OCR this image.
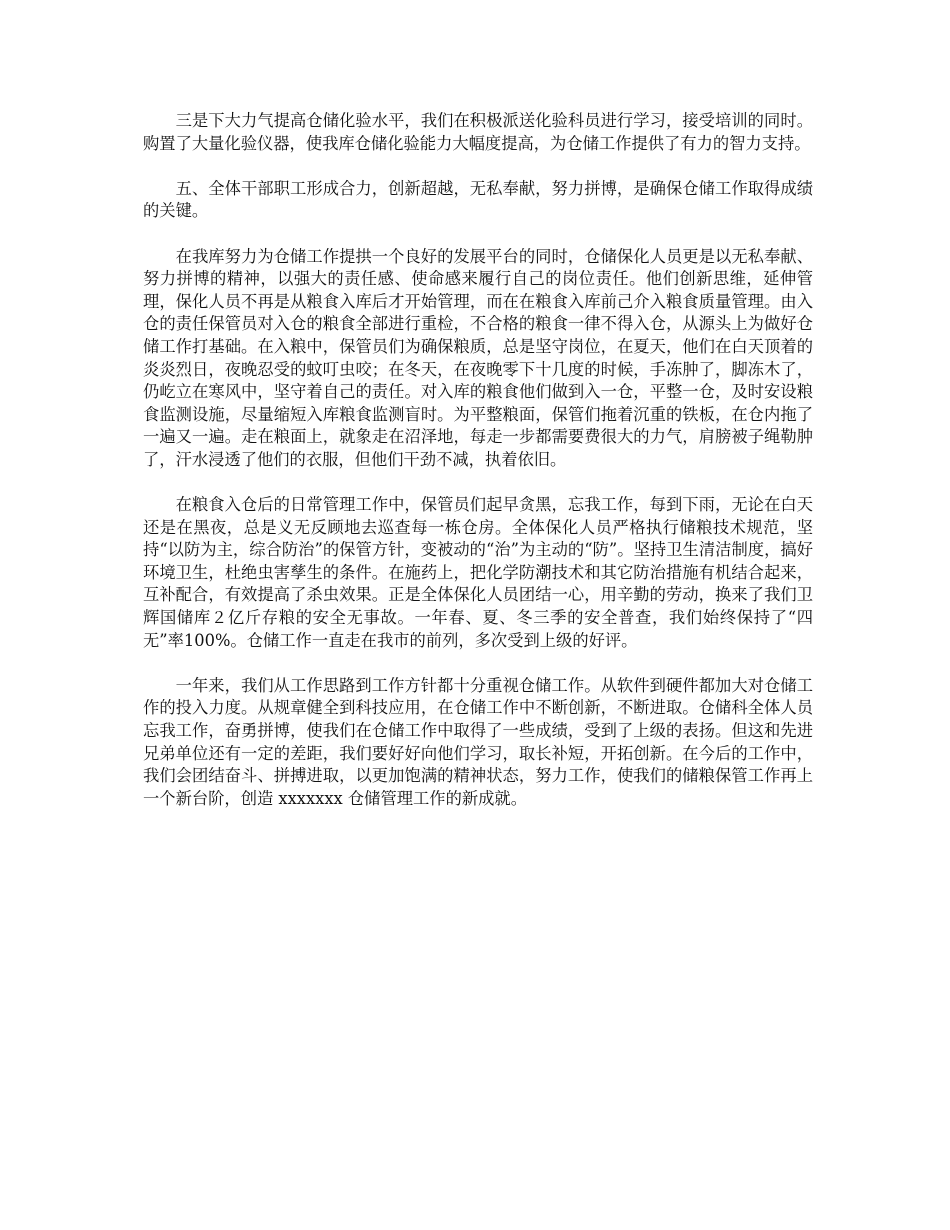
三是下大力气提高仓储化验水平，我们在积极派送化验科员进行学习，接受培训的同时。购置了大量化验仪器，使我库仓储化验能力大幅度提高，为仓储工作提供了有力的智力支持。

五、全体干部职工形成合力，创新超越，无私奉献，努力拼博，是确保仓储工作取得成绩的关键。

在我库努力为仓储工作提拱一个良好的发展平台的同时，仓储保化人员更是以无私奉献、努力拼博的精神，以强大的责任感、使命感来履行自己的岗位责任。他们创新思维，延伸管理，保化人员不再是从粮食入库后才开始管理，而在在粮食入库前己介入粮食质量管理。由入仓的责任保管员对入仓的粮食全部进行重检，不合格的粮食一律不得入仓，从源头上为做好仓储工作打基础。在入粮中，保管员们为确保粮质，总是坚守岗位，在夏天，他们在白天顶着的炎炎烈日，夜晚忍受的蚊叮虫咬；在冬天，在夜晚零下十几度的时候，手冻肿了，脚冻木了，仍屹立在寒风中，坚守着自己的责任。对入库的粮食他们做到入一仓，平整一仓，及时安设粮食监测设施，尽量缩短入库粮食监测盲时。为平整粮面，保管们拖着沉重的铁板，在仓内拖了一遍又一遍。走在粮面上，就象走在沼泽地，每走一步都需要费很大的力气，肩膀被子绳勒肿了，汗水浸透了他们的衣服，但他们干劲不减，执着依旧。

在粮食入仓后的日常管理工作中，保管员们起早贪黑，忘我工作，每到下雨，无论在白天还是在黑夜，总是义无反顾地去巡查每一栋仓房。全体保化人员严格执行储粮技术规范，坚持“以防为主，综合防治”的保管方针，变被动的“治”为主动的“防”。坚持卫生清洁制度，搞好环境卫生，杜绝虫害孳生的条件。在施药上，把化学防潮技术和其它防治措施有机结合起来，互补配合，有效提高了杀虫效果。正是全体保化人员团结一心，用辛勤的劳动，换来了我们卫辉国储库２亿斤存粮的安全无事故。一年春、夏、冬三季的安全普查，我们始终保持了“四无”率100%。仓储工作一直走在我市的前列，多次受到上级的好评。

一年来，我们从工作思路到工作方针都十分重视仓储工作。从软件到硬件都加大对仓储工作的投入力度。从规章健全到科技应用，在仓储工作中不断创新，不断进取。仓储科全体人员忘我工作，奋勇拼博，使我们在仓储工作中取得了一些成绩，受到了上级的表扬。但这和先进兄弟单位还有一定的差距，我们要好好向他们学习，取长补短，开拓创新。在今后的工作中，我们会团结奋斗、拼搏进取，以更加饱满的精神状态，努力工作，使我们的储粮保管工作再上一个新台阶，创造 xxxxxxx 仓储管理工作的新成就。
